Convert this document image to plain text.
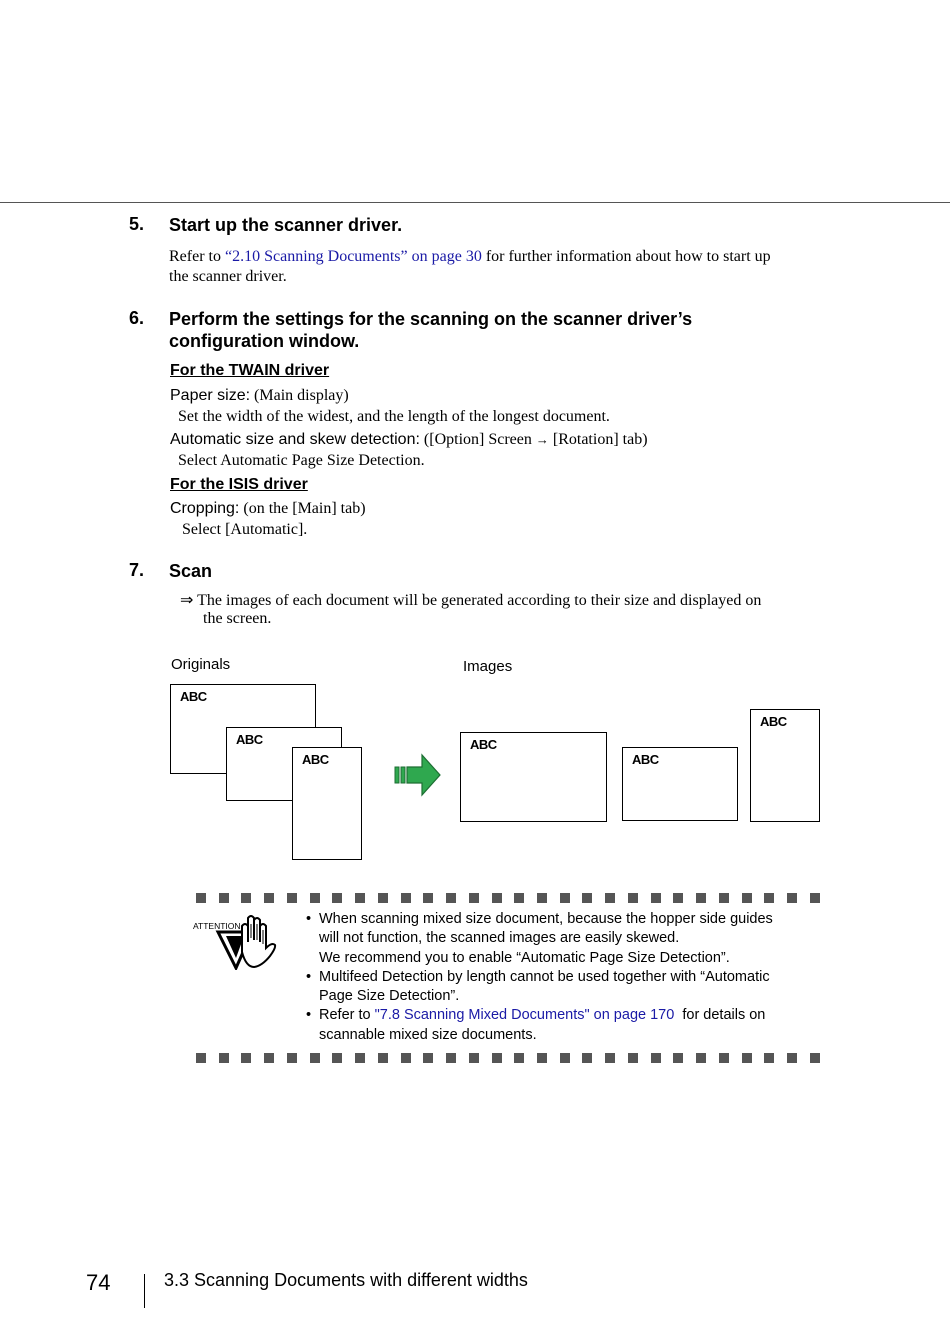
5. Start up the scanner driver.
Refer to “2.10 Scanning Documents” on page 30 for further information about how to start up
the scanner driver.
6. Perform the settings for the scanning on the scanner driver’s
configuration window.
For the TWAIN driver
Paper size: (Main display)
Set the width of the widest, and the length of the longest document.
Automatic size and skew detection: ([Option] Screen → [Rotation] tab)
Select Automatic Page Size Detection.
For the ISIS driver
Cropping: (on the [Main] tab)
Select [Automatic].
7. Scan
⇒ The images of each document will be generated according to their size and displayed on
the screen.
Originals	Images
ABC
ABC
ABC
ABC
ABC
ABC
ATTENTION	• When scanning mixed size document, because the hopper side guides
will not function, the scanned images are easily skewed.
We recommend you to enable “Automatic Page Size Detection”.
• Multifeed Detection by length cannot be used together with “Automatic
Page Size Detection”.
• Refer to "7.8 Scanning Mixed Documents" on page 170  for details on
scannable mixed size documents.
74	3.3 Scanning Documents with different widths
